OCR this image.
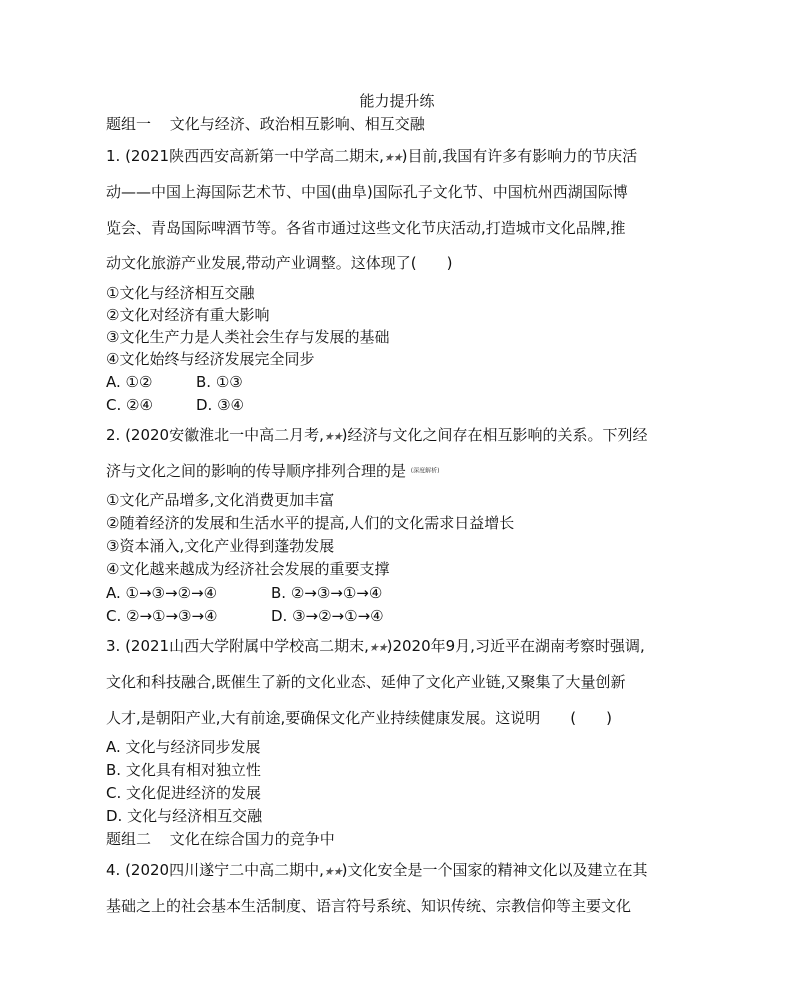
能力提升练
题组一 文化与经济、政治相互影响、相互交融
1. (2021陕西西安高新第一中学高二期末,★★)目前,我国有许多有影响力的节庆活
动——中国上海国际艺术节、中国(曲阜)国际孔子文化节、中国杭州西湖国际博
览会、青岛国际啤酒节等。各省市通过这些文化节庆活动,打造城市文化品牌,推
动文化旅游产业发展,带动产业调整。这体现了(　　)
①文化与经济相互交融
②文化对经济有重大影响
③文化生产力是人类社会生存与发展的基础
④文化始终与经济发展完全同步
A. ①②	B. ①③
C. ②④	D. ③④
2. (2020安徽淮北一中高二月考,★★)经济与文化之间存在相互影响的关系。下列经
济与文化之间的影响的传导顺序排列合理的是 (深度解析)
①文化产品增多,文化消费更加丰富
②随着经济的发展和生活水平的提高,人们的文化需求日益增长
③资本涌入,文化产业得到蓬勃发展
④文化越来越成为经济社会发展的重要支撑
A. ①→③→②→④	B. ②→③→①→④
C. ②→①→③→④	D. ③→②→①→④
3. (2021山西大学附属中学校高二期末,★★)2020年9月,习近平在湖南考察时强调,
文化和科技融合,既催生了新的文化业态、延伸了文化产业链,又聚集了大量创新
人才,是朝阳产业,大有前途,要确保文化产业持续健康发展。这说明　　(　　)
A. 文化与经济同步发展
B. 文化具有相对独立性
C. 文化促进经济的发展
D. 文化与经济相互交融
题组二 文化在综合国力的竞争中
4. (2020四川遂宁二中高二期中,★★)文化安全是一个国家的精神文化以及建立在其
基础之上的社会基本生活制度、语言符号系统、知识传统、宗教信仰等主要文化
